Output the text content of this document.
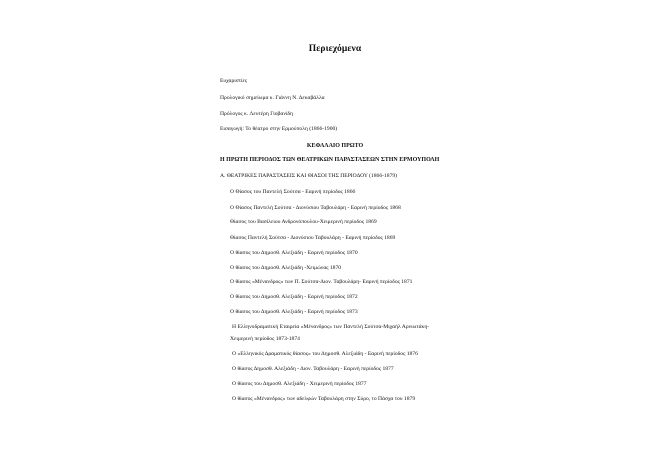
Περιεχόμενα
Ευχαριστίες
Προλογικό σημείωμα κ. Γιάννη Ν. Δεκαβάλλα
Πρόλογος κ. Λευτέρη Γιοβανίδη
Εισαγωγή: Το θέατρο στην Ερμούπολη (1866-1900)
ΚΕΦΑΛΑΙΟ ΠΡΩΤΟ
Η ΠΡΩΤΗ ΠΕΡΙΟΔΟΣ ΤΩΝ ΘΕΑΤΡΙΚΩΝ ΠΑΡΑΣΤΑΣΕΩΝ ΣΤΗΝ ΕΡΜΟΥΠΟΛΗ
Α. ΘΕΑΤΡΙΚΕΣ ΠΑΡΑΣΤΑΣΕΙΣ ΚΑΙ ΘΙΑΣΟΙ ΤΗΣ ΠΕΡΙΟΔΟΥ (1866-1879)
Ο Θίασος του Παντελή Σούτσα - Εαρινή περίοδος 1866
Ο Θίασος Παντελή Σούτσα - Διονύσιου Ταβουλάρη - Εαρινή περίοδος 1868
Θίασος του Βασίλειου Ανδρονόπουλου-Χειμερινή περίοδος 1869
Θίασος Παντελή Σούτσα - Διονύσιου Ταβουλάρη - Εαρινή περίοδος 1869
Ο θίασος του Δημοσθ. Αλεξιάδη - Εαρινή περίοδος 1870
Ο θίασος του Δημοσθ. Αλεξιάδη -Χειμώνας 1870
Ο θίασος «Μένανδρος» των Π. Σούτσα-Διον. Ταβουλάρη- Εαρινή περίοδος 1871
Ο θίασος του Δημοσθ. Αλεξιάδη - Εαρινή περίοδος 1872
Ο θίασος του Δημοσθ. Αλεξιάδη - Εαρινή περίοδος 1873
Η Ελληνοδραματική Εταιρεία «Μένανδρος» των Παντελή Σούτσα-Μιχαήλ Αρνιωτάκη-
Χειμερινή περίοδος 1873-1874
Ο «Ελληνικός Δραματικός θίασος» του Δημοσθ. Αλεξιάδη - Εαρινή περίοδος 1876
Ο θίασος Δημοσθ. Αλεξιάδη - Διον. Ταβουλάρη - Εαρινή περίοδος 1877
Ο θίασος του Δημοσθ. Αλεξιάδη - Χειμερινή περίοδος 1877
Ο θίασος «Μένανδρος» των αδελφών Ταβουλάρη στην Σύρο, το Πάσχα του 1879
